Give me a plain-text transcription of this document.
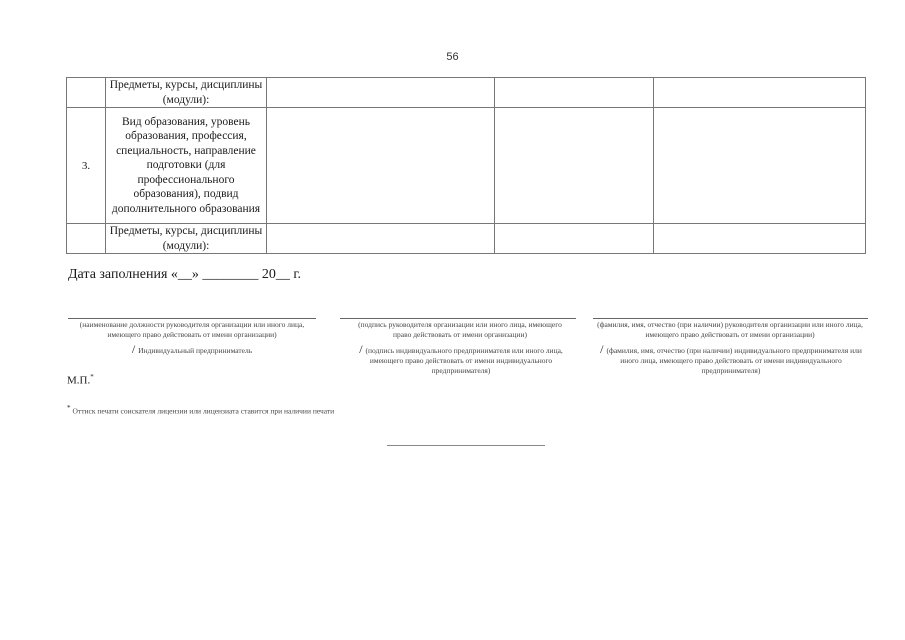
56
	Предметы, курсы, дисциплины (модули):			
3.	Вид образования, уровень образования, профессия, специальность, направление подготовки (для профессионального образования), подвид дополнительного образования			
	Предметы, курсы, дисциплины (модули):			
Дата заполнения «__» ________ 20__ г.
(наименование должности руководителя организации или иного лица, имеющего право действовать от имени организации)
/ Индивидуальный предприниматель
(подпись руководителя организации или иного лица, имеющего право действовать от имени организации)
/ (подпись индивидуального предпринимателя или иного лица, имеющего право действовать от имени индивидуального предпринимателя)
(фамилия, имя, отчество (при наличии) руководителя организации или иного лица, имеющего право действовать от имени организации)
/ (фамилия, имя, отчество (при наличии) индивидуального предпринимателя или иного лица, имеющего право действовать от имени индивидуального предпринимателя)
М.П.*
* Оттиск печати соискателя лицензии или лицензиата ставится при наличии печати
